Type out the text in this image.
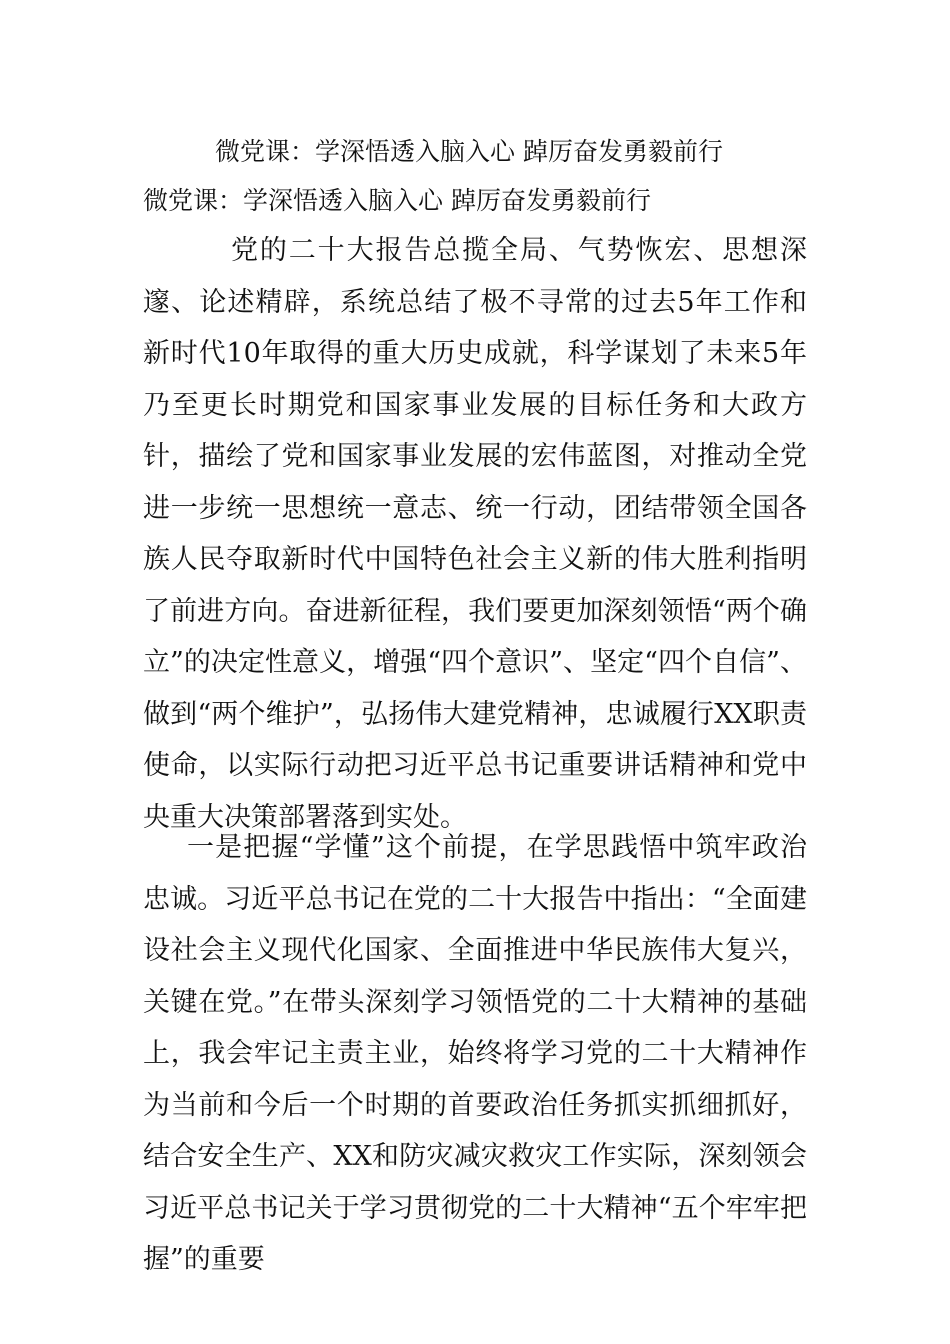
微党课：学深悟透入脑入心 踔厉奋发勇毅前行
微党课：学深悟透入脑入心 踔厉奋发勇毅前行

党的二十大报告总揽全局、气势恢宏、思想深邃、论述精辟，系统总结了极不寻常的过去5年工作和新时代10年取得的重大历史成就，科学谋划了未来5年乃至更长时期党和国家事业发展的目标任务和大政方针，描绘了党和国家事业发展的宏伟蓝图，对推动全党进一步统一思想统一意志、统一行动，团结带领全国各族人民夺取新时代中国特色社会主义新的伟大胜利指明了前进方向。奋进新征程，我们要更加深刻领悟“两个确立”的决定性意义，增强“四个意识”、坚定“四个自信”、做到“两个维护”，弘扬伟大建党精神，忠诚履行XX职责使命，以实际行动把习近平总书记重要讲话精神和党中央重大决策部署落到实处。

一是把握“学懂”这个前提，在学思践悟中筑牢政治忠诚。习近平总书记在党的二十大报告中指出：“全面建设社会主义现代化国家、全面推进中华民族伟大复兴，关键在党。”在带头深刻学习领悟党的二十大精神的基础上，我会牢记主责主业，始终将学习党的二十大精神作为当前和今后一个时期的首要政治任务抓实抓细抓好，结合安全生产、XX和防灾减灾救灾工作实际，深刻领会习近平总书记关于学习贯彻党的二十大精神“五个牢牢把握”的重要
